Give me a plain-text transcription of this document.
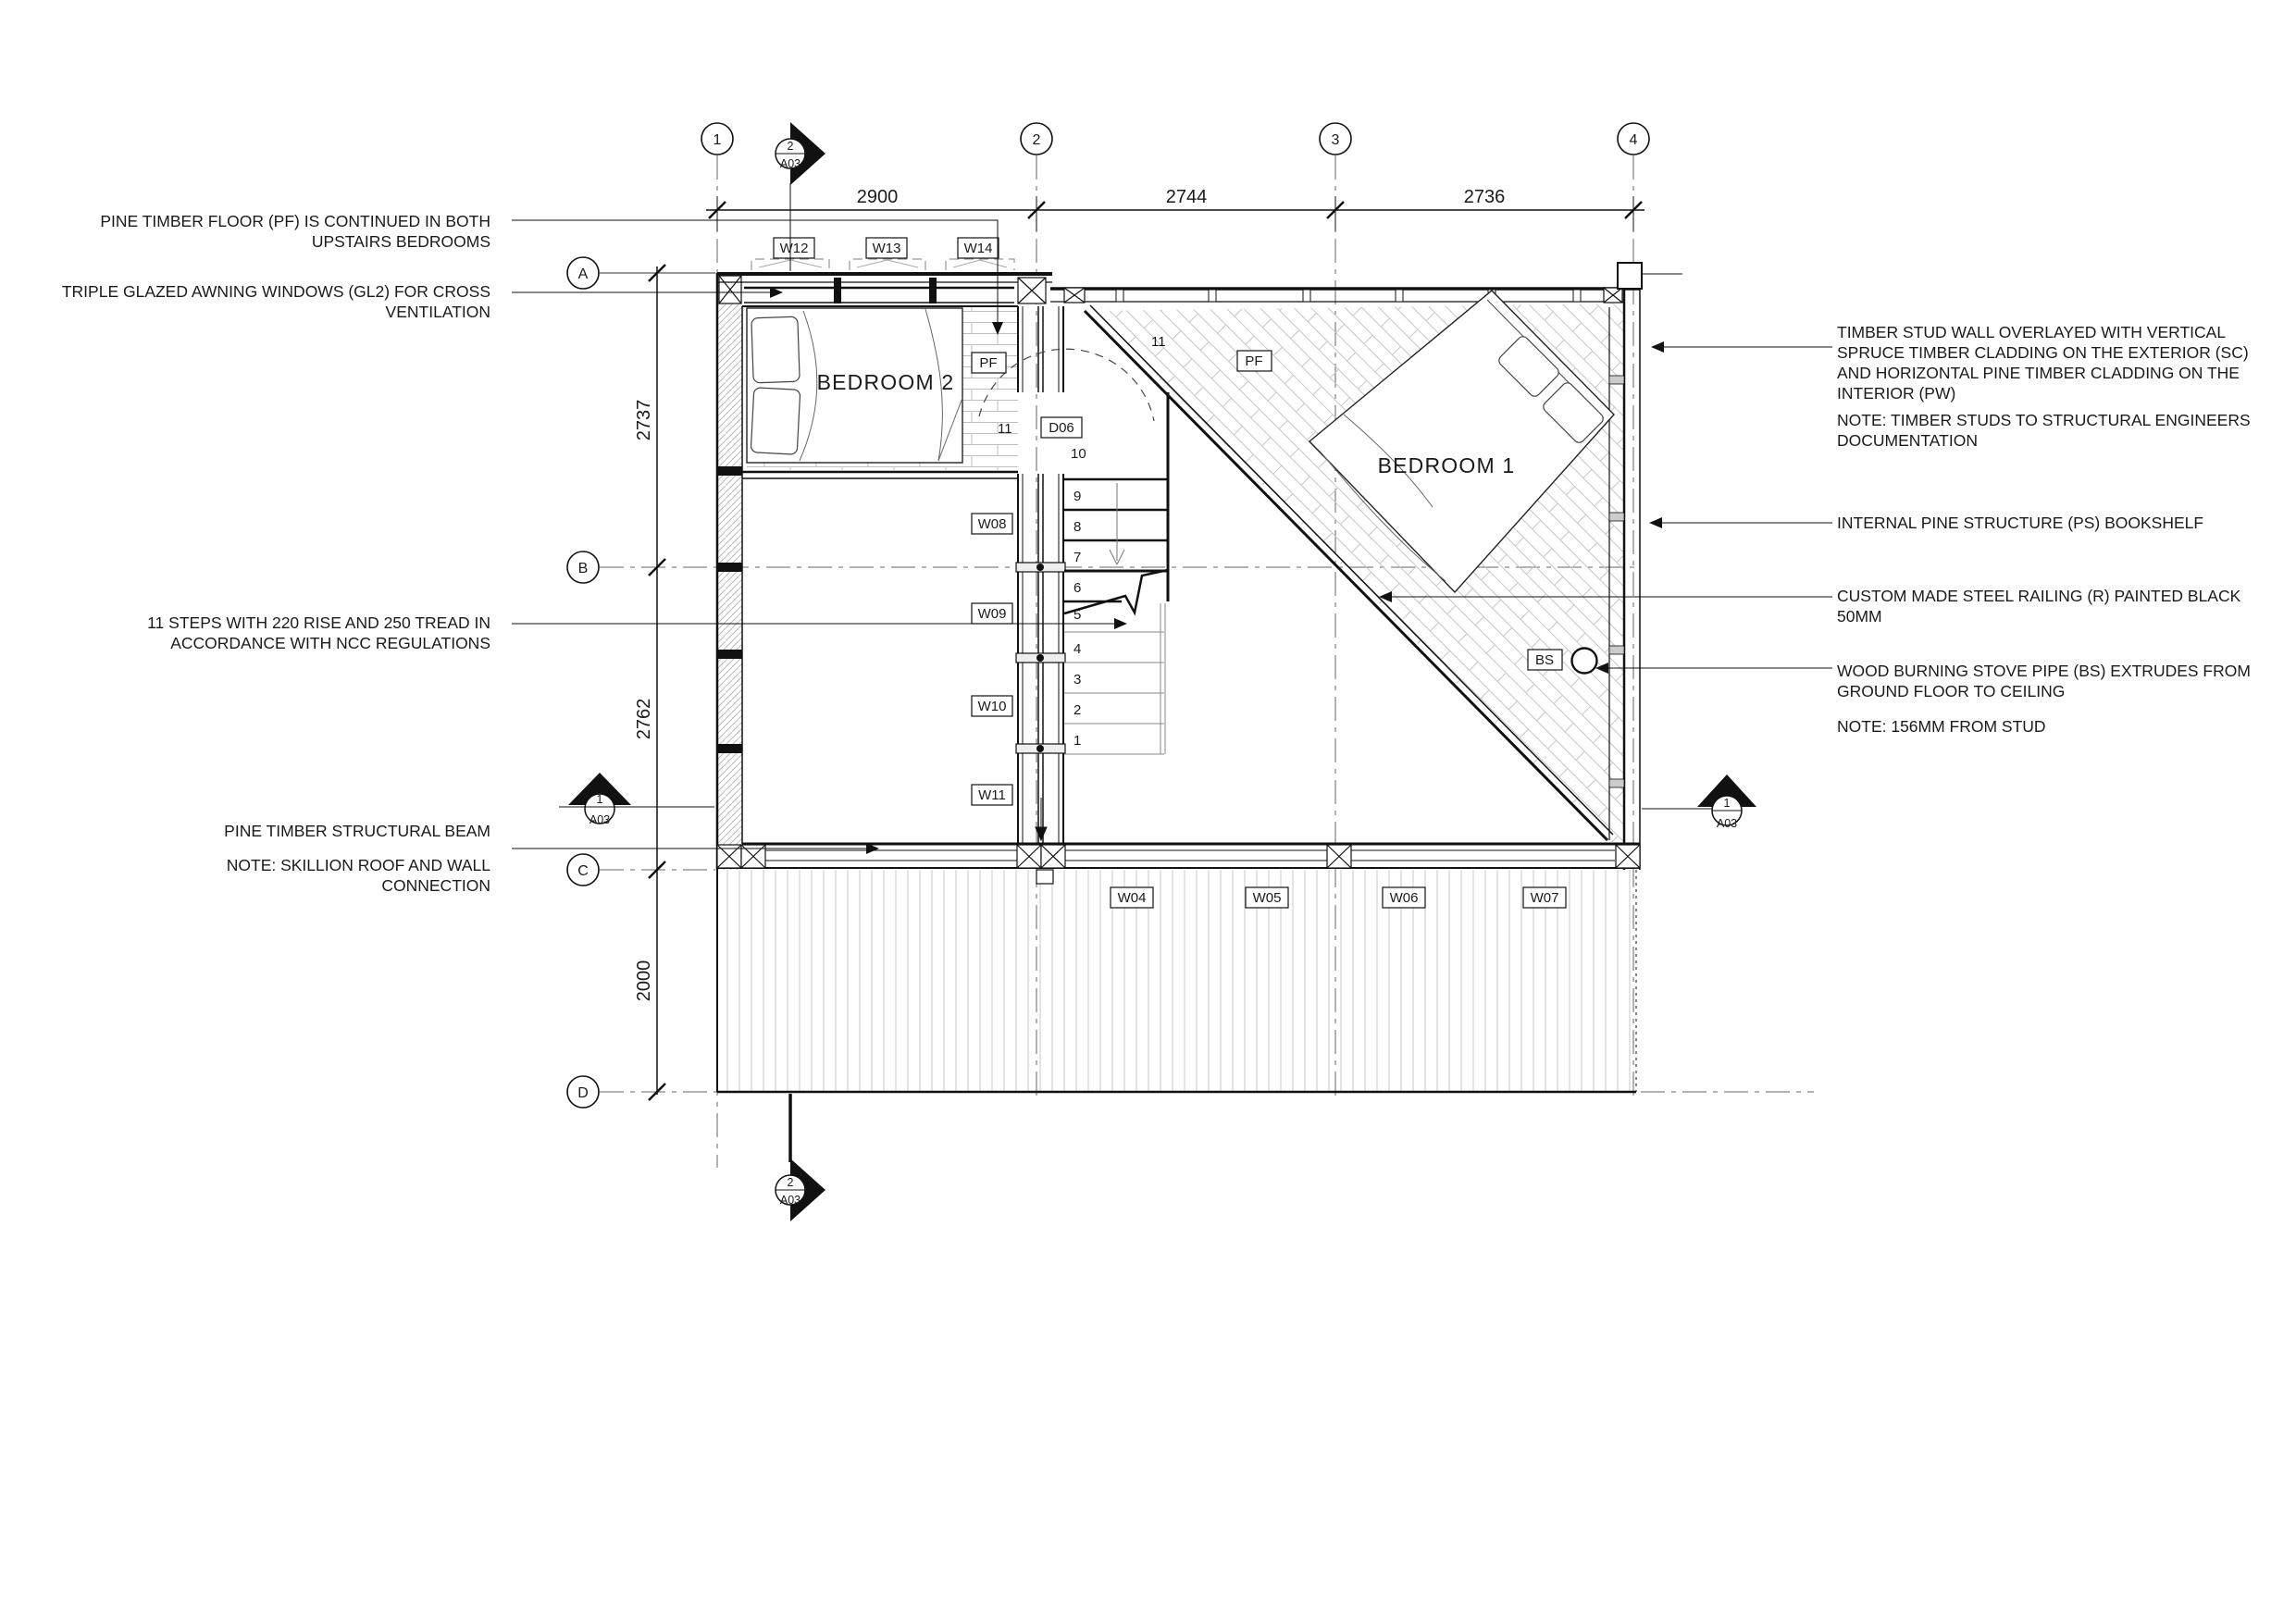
1
2
3
4
5
6
7
8
9
10
11
11
BEDROOM 2
PF
W08
W09
W10
W11
D06
BEDROOM 1
PF
BS
W12	W13	W14
W04	W05	W06	W07
2900	2744	2736
2737
2762
2000
1	2	3	4
A
B
C
D
2
A03
2
A03
1
A03
1
A03
PINE TIMBER FLOOR (PF) IS CONTINUED IN BOTH
UPSTAIRS BEDROOMS
TRIPLE GLAZED AWNING WINDOWS (GL2) FOR CROSS
VENTILATION
11 STEPS WITH 220 RISE AND 250 TREAD IN
ACCORDANCE WITH NCC REGULATIONS
PINE TIMBER STRUCTURAL BEAM
NOTE: SKILLION ROOF AND WALL
CONNECTION
TIMBER STUD WALL OVERLAYED WITH VERTICAL
SPRUCE TIMBER CLADDING ON THE EXTERIOR (SC)
AND HORIZONTAL PINE TIMBER CLADDING ON THE
INTERIOR (PW)
NOTE: TIMBER STUDS TO STRUCTURAL ENGINEERS
DOCUMENTATION
INTERNAL PINE STRUCTURE (PS) BOOKSHELF
CUSTOM MADE STEEL RAILING (R) PAINTED BLACK
50MM
WOOD BURNING STOVE PIPE (BS) EXTRUDES FROM
GROUND FLOOR TO CEILING
NOTE: 156MM FROM STUD
